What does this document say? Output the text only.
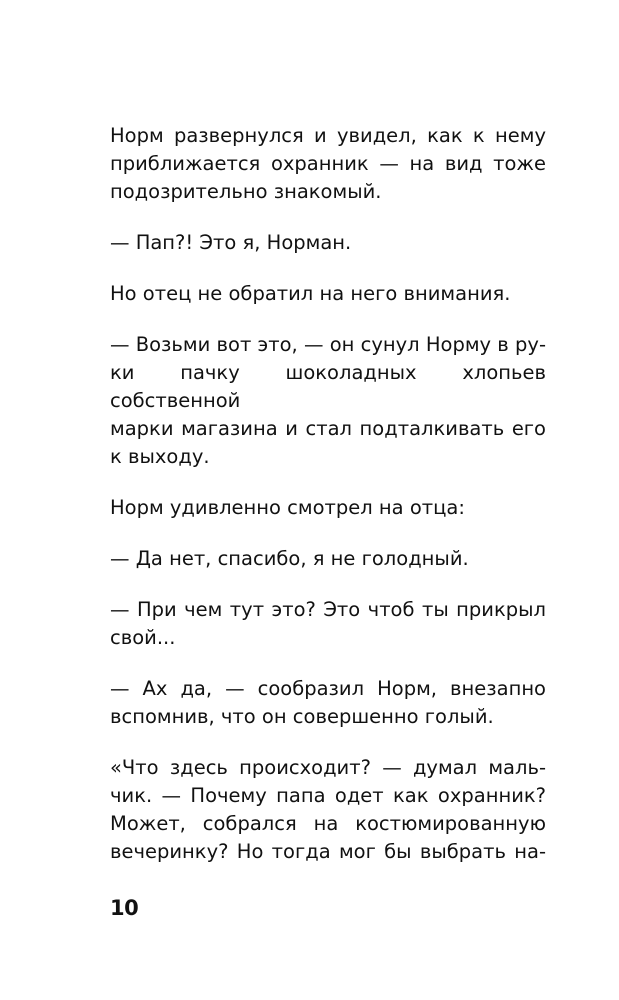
Норм развернулся и увидел, как к нему
приближается охранник — на вид тоже
подозрительно знакомый.

— Пап?! Это я, Норман.

Но отец не обратил на него внимания.

— Возьми вот это, — он сунул Норму в ру-
ки пачку шоколадных хлопьев собственной
марки магазина и стал подталкивать его
к выходу.

Норм удивленно смотрел на отца:

— Да нет, спасибо, я не голодный.

— При чем тут это? Это чтоб ты прикрыл
свой...

— Ах да, — сообразил Норм, внезапно
вспомнив, что он совершенно голый.

«Что здесь происходит? — думал маль-
чик. — Почему папа одет как охранник?
Может, собрался на костюмированную
вечеринку? Но тогда мог бы выбрать на-

10
